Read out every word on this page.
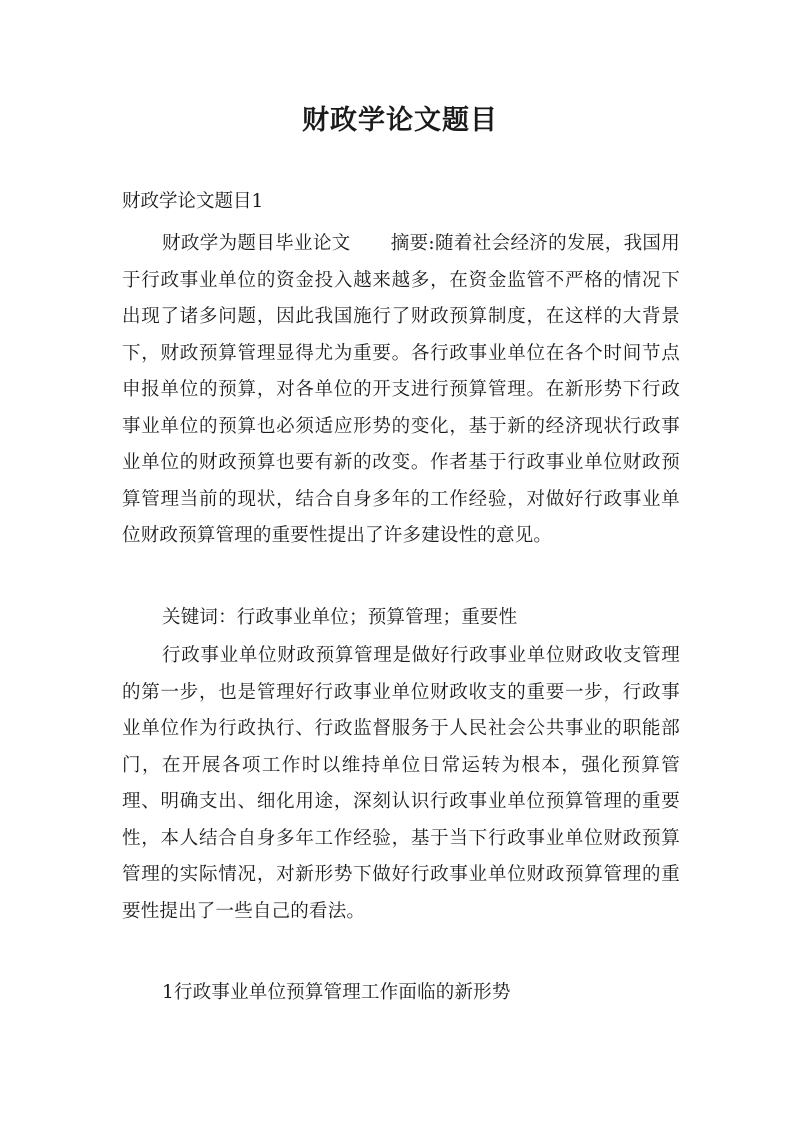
财政学论文题目

财政学论文题目1

财政学为题目毕业论文 摘要:随着社会经济的发展，我国用于行政事业单位的资金投入越来越多，在资金监管不严格的情况下出现了诸多问题，因此我国施行了财政预算制度，在这样的大背景下，财政预算管理显得尤为重要。各行政事业单位在各个时间节点申报单位的预算，对各单位的开支进行预算管理。在新形势下行政事业单位的预算也必须适应形势的变化，基于新的经济现状行政事业单位的财政预算也要有新的改变。作者基于行政事业单位财政预算管理当前的现状，结合自身多年的工作经验，对做好行政事业单位财政预算管理的重要性提出了许多建设性的意见。

关键词：行政事业单位；预算管理；重要性

行政事业单位财政预算管理是做好行政事业单位财政收支管理的第一步，也是管理好行政事业单位财政收支的重要一步，行政事业单位作为行政执行、行政监督服务于人民社会公共事业的职能部门，在开展各项工作时以维持单位日常运转为根本，强化预算管理、明确支出、细化用途，深刻认识行政事业单位预算管理的重要性，本人结合自身多年工作经验，基于当下行政事业单位财政预算管理的实际情况，对新形势下做好行政事业单位财政预算管理的重要性提出了一些自己的看法。

1行政事业单位预算管理工作面临的新形势
